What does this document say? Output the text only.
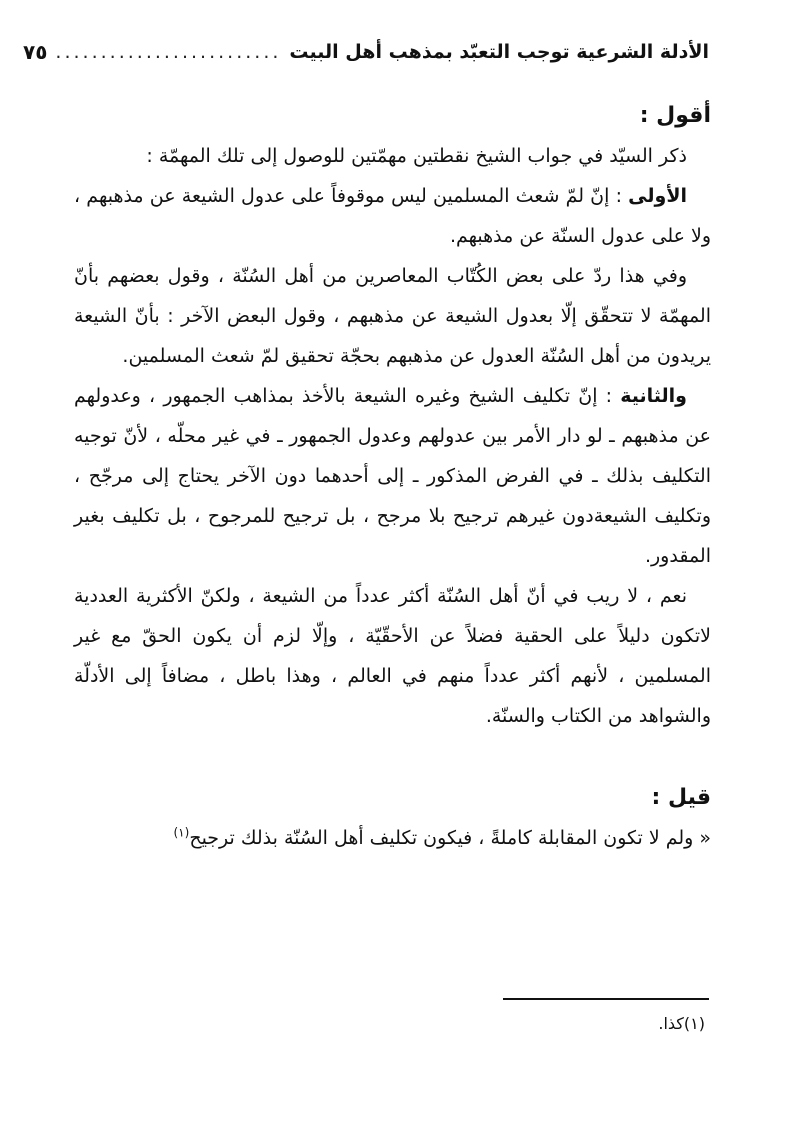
الأدلة الشرعية توجب التعبّد بمذهب أهل البيت
.........................
٧٥

أقول :

ذكر السيّد في جواب الشيخ نقطتين مهمّتين للوصول إلى تلك المهمّة :

الأولى : إنّ لمّ شعث المسلمين ليس موقوفاً على عدول الشيعة عن مذهبهم ، ولا على عدول السنّة عن مذهبهم.

وفي هذا ردّ على بعض الكُتّاب المعاصرين من أهل السُنّة ، وقول بعضهم بأنّ المهمّة لا تتحقّق إلّا بعدول الشيعة عن مذهبهم ، وقول البعض الآخر : بأنّ الشيعة يريدون من أهل السُنّة العدول عن مذهبهم بحجّة تحقيق لمّ شعث المسلمين.

والثانية : إنّ تكليف الشيخ وغيره الشيعة بالأخذ بمذاهب الجمهور ، وعدولهم عن مذهبهم ـ لو دار الأمر بين عدولهم وعدول الجمهور ـ في غير محلّه ، لأنّ توجيه التكليف بذلك ـ في الفرض المذكور ـ إلى أحدهما دون الآخر يحتاج إلى مرجّح ، وتكليف الشيعةدون غيرهم ترجيح بلا مرجح ، بل ترجيح للمرجوح ، بل تكليف بغير المقدور.

نعم ، لا ريب في أنّ أهل السُنّة أكثر عدداً من الشيعة ، ولكنّ الأكثرية العددية لاتكون دليلاً على الحقية فضلاً عن الأحقّيّة ، وإلّا لزم أن يكون الحقّ مع غير المسلمين ، لأنهم أكثر عدداً منهم في العالم ، وهذا باطل ، مضافاً إلى الأدلّة والشواهد من الكتاب والسنّة.

قيل :

« ولم لا تكون المقابلة كاملةً ، فيكون تكليف أهل السُنّة بذلك ترجيح$^{(١)}$

(١)كذا.
